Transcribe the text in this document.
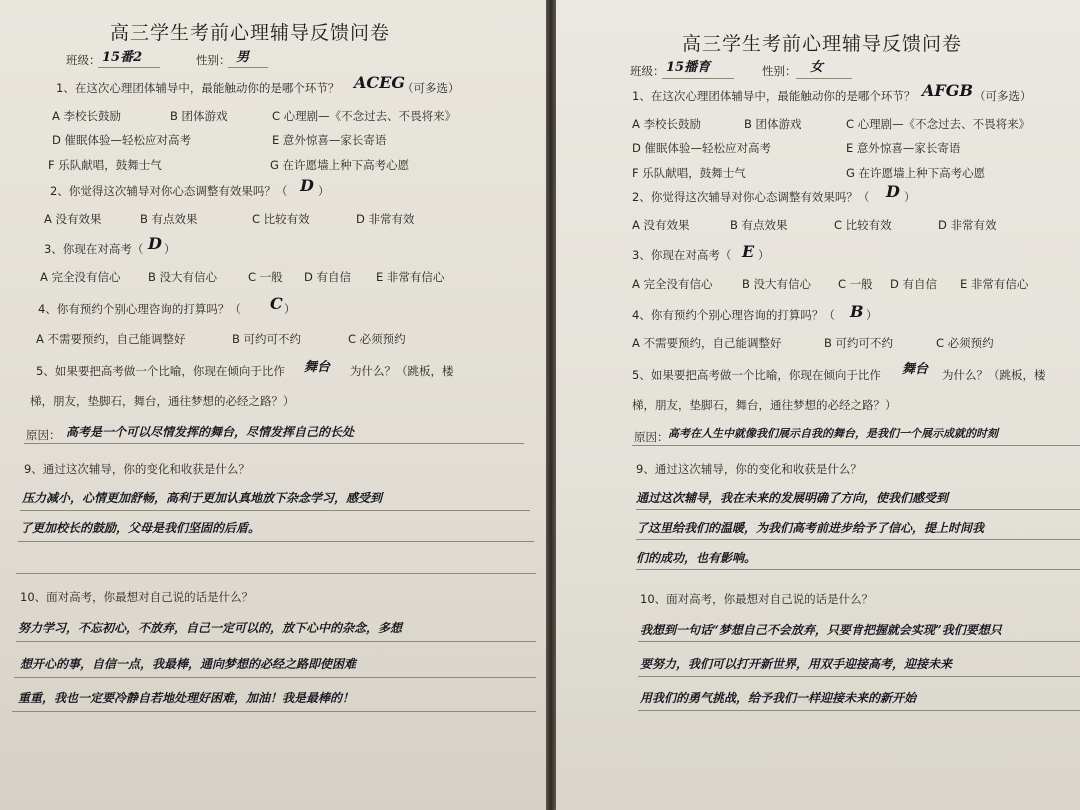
高三学生考前心理辅导反馈问卷
班级： 15番2	性别： 男
1、在这次心理团体辅导中，最能触动你的是哪个环节？ ACEG
（可多选）
A 李校长鼓励	B 团体游戏	C 心理剧—《不念过去、不畏将来》
D 催眠体验—轻松应对高考	E 意外惊喜—家长寄语
F 乐队献唱，鼓舞士气	G 在许愿墙上种下高考心愿
2、你觉得这次辅导对你心态调整有效果吗？（ D ）
A 没有效果	B 有点效果	C 比较有效	D 非常有效
3、你现在对高考（ D ）
A 完全没有信心 B 没大有信心	C 一般 D 有自信 E 非常有信心
4、你有预约个别心理咨询的打算吗？（ C ）
A 不需要预约，自己能调整好	B 可约可不约	C 必须预约
5、如果要把高考做一个比喻，你现在倾向于比作 舞台 为什么？（跳板，楼
梯，朋友，垫脚石，舞台，通往梦想的必经之路？）
原因： 高考是一个可以尽情发挥的舞台，尽情发挥自己的长处
9、通过这次辅导，你的变化和收获是什么？
压力减小，心情更加舒畅，高利于更加认真地放下杂念学习，感受到
了更加校长的鼓励，父母是我们坚固的后盾。
10、面对高考，你最想对自己说的话是什么？
努力学习，不忘初心，不放弃，自己一定可以的，放下心中的杂念，多想
想开心的事，自信一点，我最棒，通向梦想的必经之路即使困难
重重，我也一定要冷静自若地处理好困难，加油！我是最棒的！
高三学生考前心理辅导反馈问卷
班级： 15播育	性别： 女
1、在这次心理团体辅导中，最能触动你的是哪个环节？ AFGB （可多选）
A 李校长鼓励	B 团体游戏	C 心理剧—《不念过去、不畏将来》
D 催眠体验—轻松应对高考	E 意外惊喜—家长寄语
F 乐队献唱，鼓舞士气	G 在许愿墙上种下高考心愿
2、你觉得这次辅导对你心态调整有效果吗？（ D ）
A 没有效果	B 有点效果	C 比较有效	D 非常有效
3、你现在对高考（ E ）
A 完全没有信心	B 没大有信心 C 一般 D 有自信 E 非常有信心
4、你有预约个别心理咨询的打算吗？（ B ）
A 不需要预约，自己能调整好	B 可约可不约	C 必须预约
5、如果要把高考做一个比喻，你现在倾向于比作 舞台 为什么？（跳板，楼
梯，朋友，垫脚石，舞台，通往梦想的必经之路？）
原因： 高考在人生中就像我们展示自我的舞台，是我们一个展示成就的时刻
9、通过这次辅导，你的变化和收获是什么？
通过这次辅导，我在未来的发展明确了方向，使我们感受到
了这里给我们的温暖，为我们高考前进步给予了信心，提上时间我
们的成功，也有影响。
10、面对高考，你最想对自己说的话是什么？
我想到一句话“梦想自己不会放弃，只要肯把握就会实现”我们要想只
要努力，我们可以打开新世界，用双手迎接高考，迎接未来
用我们的勇气挑战，给予我们一样迎接未来的新开始
